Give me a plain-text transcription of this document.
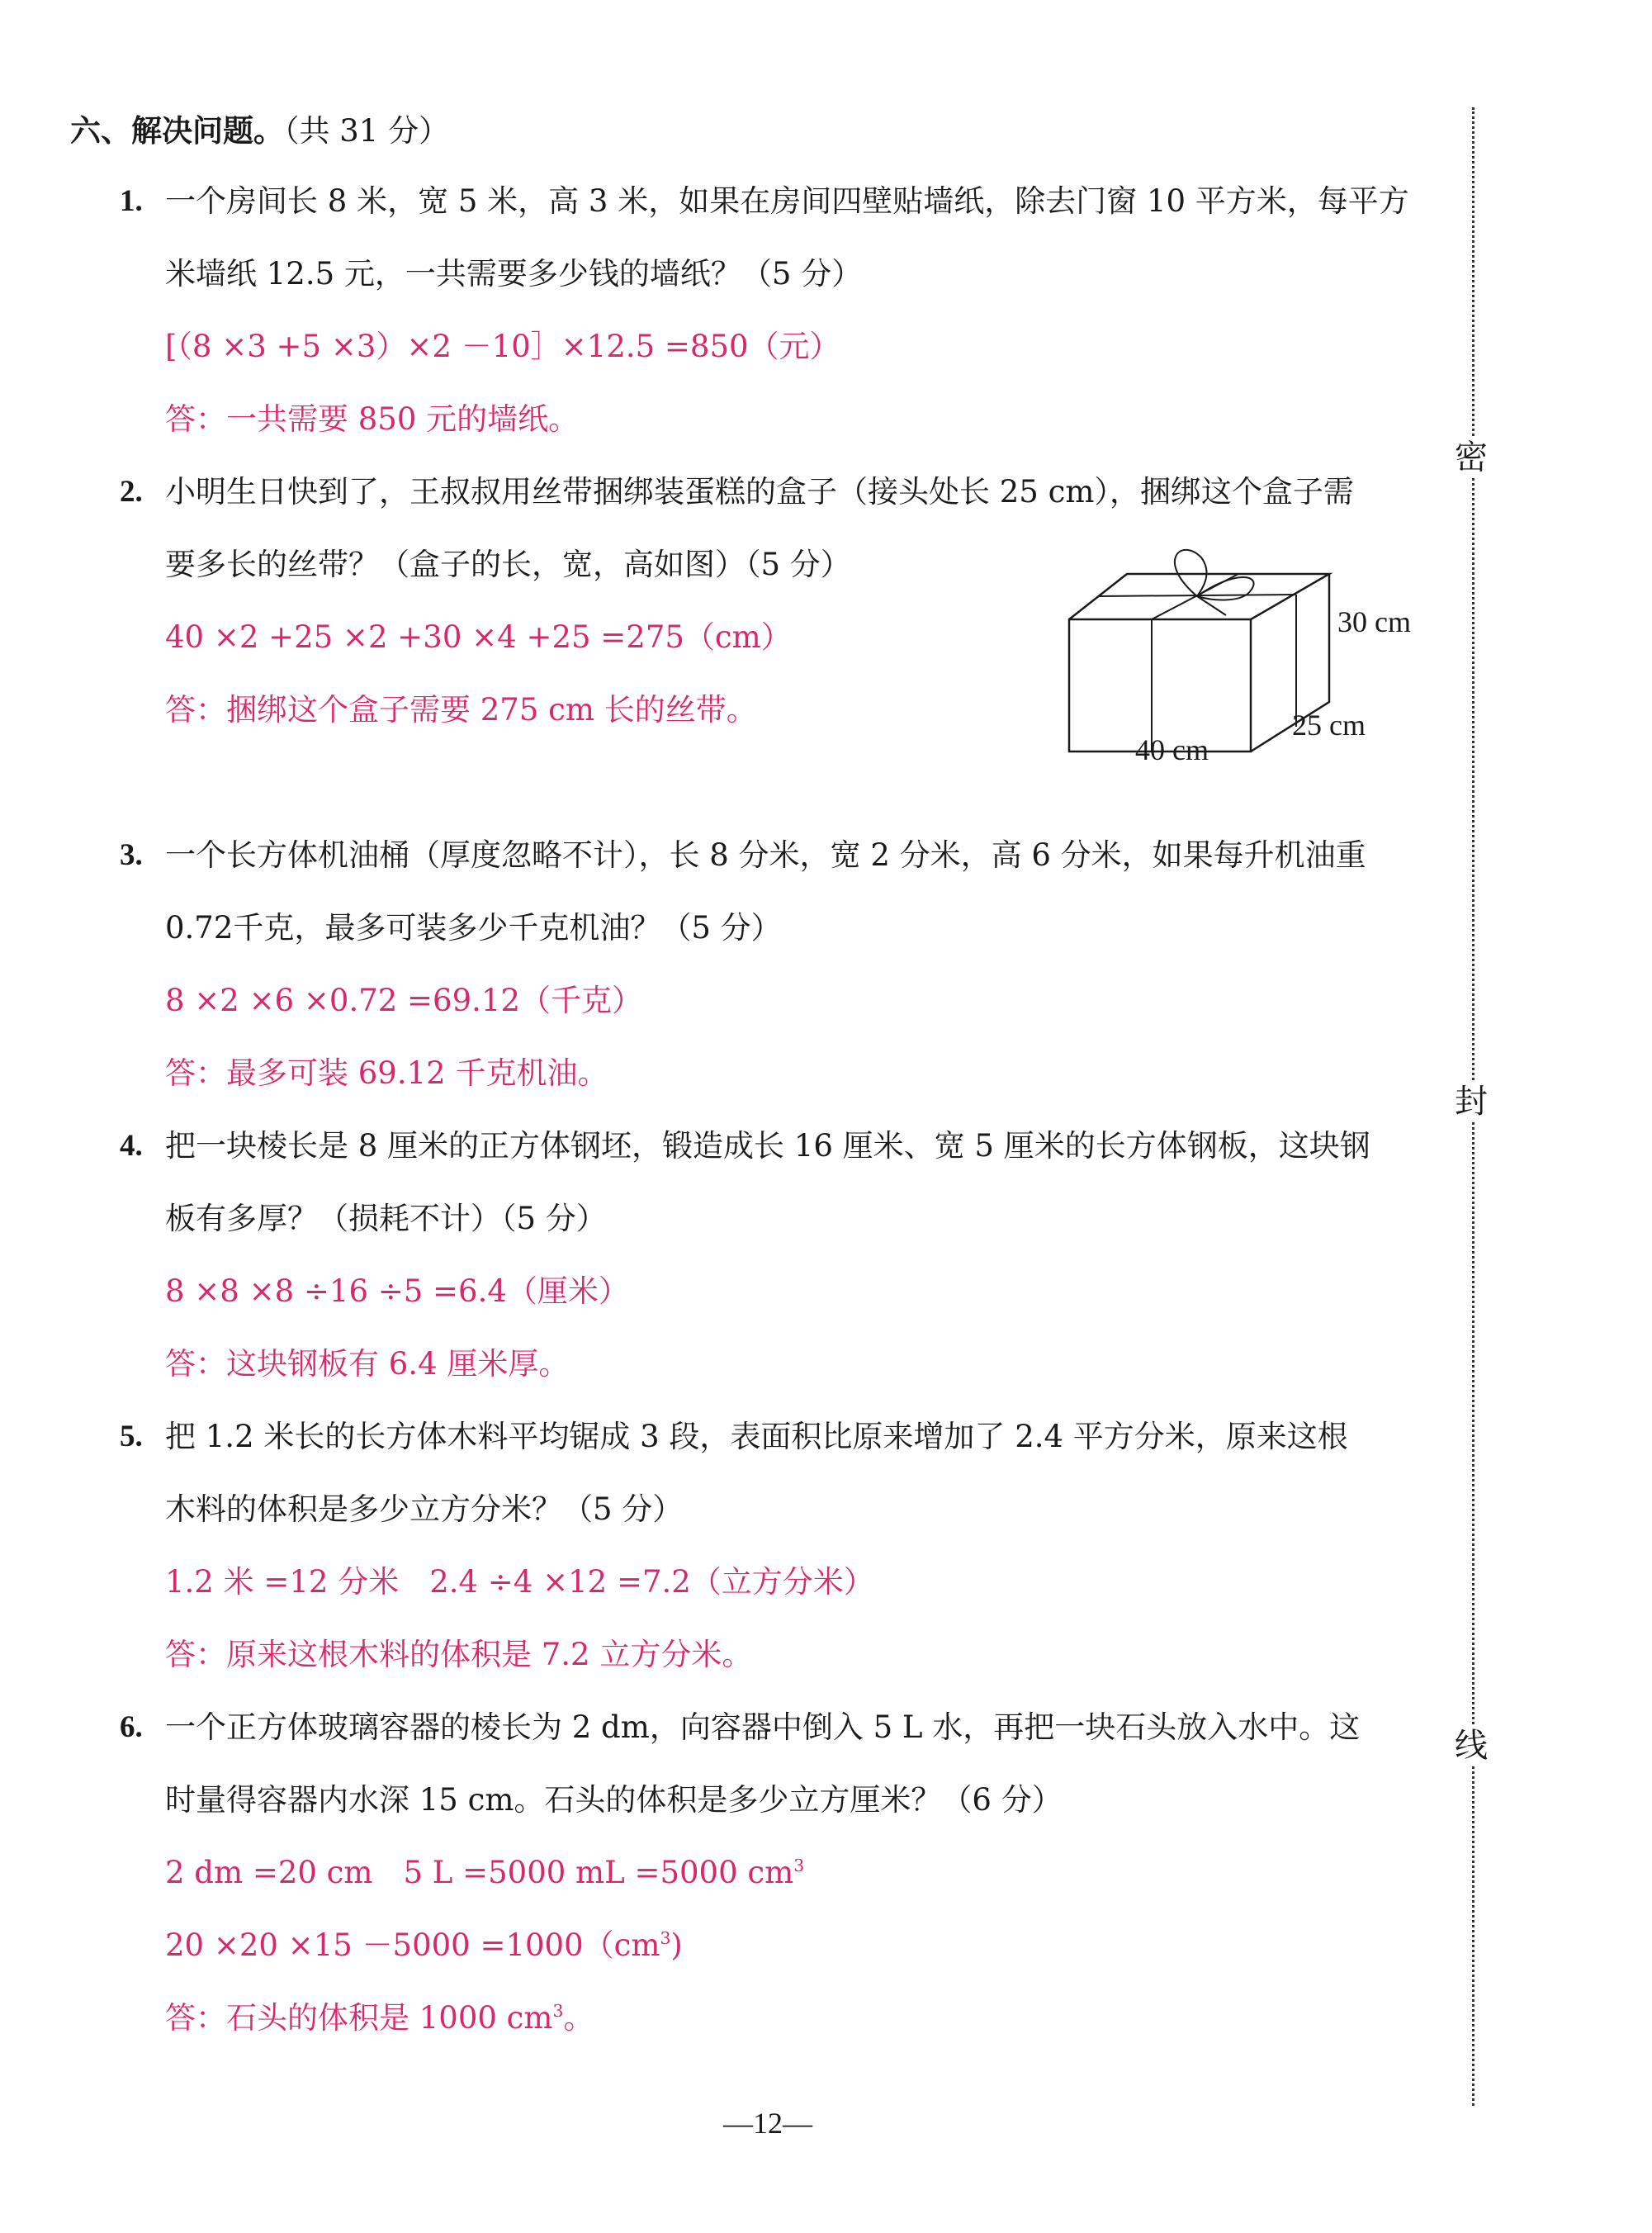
六、解决问题。（共 31 分）
1. 一个房间长 8 米，宽 5 米，高 3 米，如果在房间四壁贴墙纸，除去门窗 10 平方米，每平方
米墙纸 12.5 元，一共需要多少钱的墙纸？（5 分）
[（8 ×3 +5 ×3）×2 －10］×12.5 =850（元）
答：一共需要 850 元的墙纸。
2. 小明生日快到了，王叔叔用丝带捆绑装蛋糕的盒子（接头处长 25 cm），捆绑这个盒子需
要多长的丝带？（盒子的长，宽，高如图）（5 分）
40 ×2 +25 ×2 +30 ×4 +25 =275（cm）
答：捆绑这个盒子需要 275 cm 长的丝带。
30 cm
25 cm
40 cm
3. 一个长方体机油桶（厚度忽略不计），长 8 分米，宽 2 分米，高 6 分米，如果每升机油重
0.72千克，最多可装多少千克机油？（5 分）
8 ×2 ×6 ×0.72 =69.12（千克）
答：最多可装 69.12 千克机油。
4. 把一块棱长是 8 厘米的正方体钢坯，锻造成长 16 厘米、宽 5 厘米的长方体钢板，这块钢
板有多厚？（损耗不计）（5 分）
8 ×8 ×8 ÷16 ÷5 =6.4（厘米）
答：这块钢板有 6.4 厘米厚。
5. 把 1.2 米长的长方体木料平均锯成 3 段，表面积比原来增加了 2.4 平方分米，原来这根
木料的体积是多少立方分米？（5 分）
1.2 米 =12 分米　2.4 ÷4 ×12 =7.2（立方分米）
答：原来这根木料的体积是 7.2 立方分米。
6. 一个正方体玻璃容器的棱长为 2 dm，向容器中倒入 5 L 水，再把一块石头放入水中。这
时量得容器内水深 15 cm。石头的体积是多少立方厘米？（6 分）
2 dm =20 cm　5 L =5000 mL =5000 $cm^3$
$20 \times 20 \times 15 -5000 =1000(cm^3)$
答：石头的体积是 1000 $cm^3$。
密
封
线
—12—
